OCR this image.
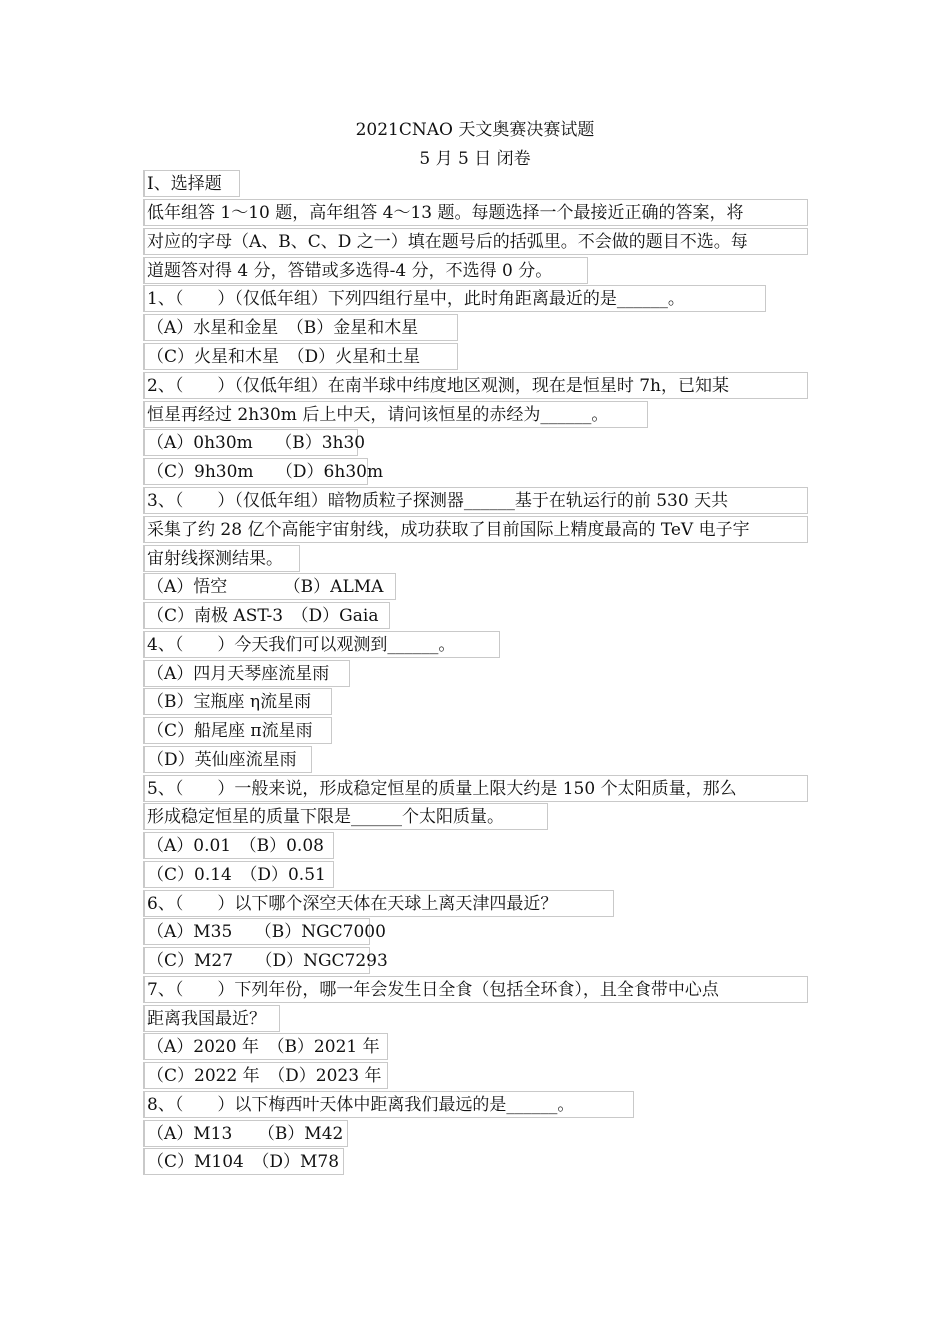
2021CNAO 天文奥赛决赛试题
5 月 5 日 闭卷
Ⅰ、选择题
低年组答 1～10 题，高年组答 4～13 题。每题选择一个最接近正确的答案，将
对应的字母（A、B、C、D 之一）填在题号后的括弧里。不会做的题目不选。每
道题答对得 4 分，答错或多选得-4 分，不选得 0 分。
1、（　　）（仅低年组）下列四组行星中，此时角距离最近的是______。
（A）水星和金星　（B）金星和木星
（C）火星和木星　（D）火星和土星
2、（　　）（仅低年组）在南半球中纬度地区观测，现在是恒星时 7h，已知某
恒星再经过 2h30m 后上中天，请问该恒星的赤经为______。
（A）0h30m　 （B）3h30
（C）9h30m　 （D）6h30m
3、（　　）（仅低年组）暗物质粒子探测器______基于在轨运行的前 530 天共
采集了约 28 亿个高能宇宙射线，成功获取了目前国际上精度最高的 TeV 电子宇
宙射线探测结果。
（A）悟空　　　 （B）ALMA
（C）南极 AST-3　（D）Gaia
4、（　　）今天我们可以观测到______。
（A）四月天琴座流星雨
（B）宝瓶座 η流星雨
（C）船尾座 π流星雨
（D）英仙座流星雨
5、（　　）一般来说，形成稳定恒星的质量上限大约是 150 个太阳质量，那么
形成稳定恒星的质量下限是______个太阳质量。
（A）0.01　（B）0.08
（C）0.14　（D）0.51
6、（　　）以下哪个深空天体在天球上离天津四最近？
（A）M35　 （B）NGC7000
（C）M27　 （D）NGC7293
7、（　　）下列年份，哪一年会发生日全食（包括全环食），且全食带中心点
距离我国最近？
（A）2020 年　（B）2021 年
（C）2022 年　（D）2023 年
8、（　　）以下梅西叶天体中距离我们最远的是______。
（A）M13　　（B）M42
（C）M104　（D）M78
